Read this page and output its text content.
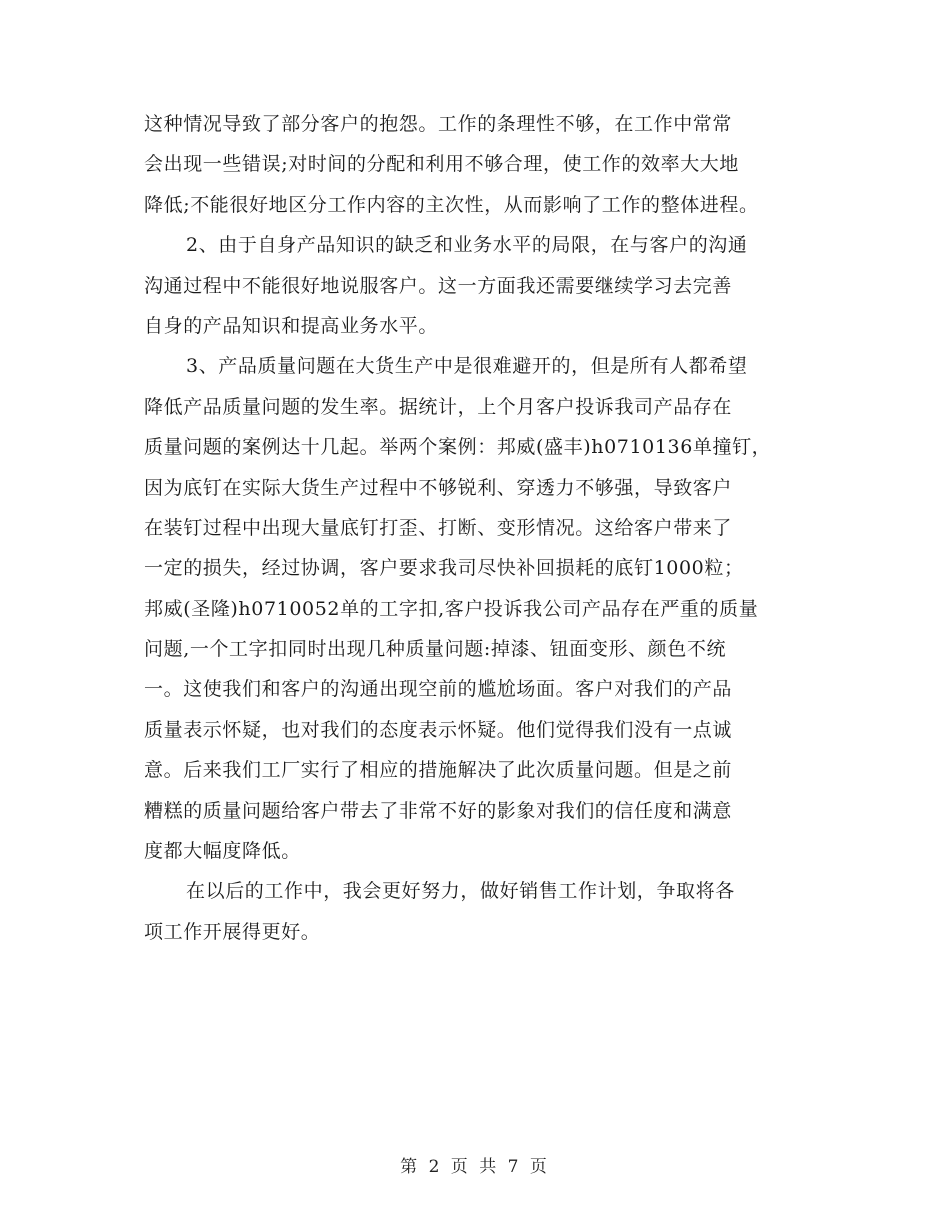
这种情况导致了部分客户的抱怨。工作的条理性不够，在工作中常常
会出现一些错误;对时间的分配和利用不够合理，使工作的效率大大地
降低;不能很好地区分工作内容的主次性，从而影响了工作的整体进程。
2、由于自身产品知识的缺乏和业务水平的局限，在与客户的沟通
沟通过程中不能很好地说服客户。这一方面我还需要继续学习去完善
自身的产品知识和提高业务水平。
3、产品质量问题在大货生产中是很难避开的，但是所有人都希望
降低产品质量问题的发生率。据统计，上个月客户投诉我司产品存在
质量问题的案例达十几起。举两个案例：邦威(盛丰)h0710136单撞钉，
因为底钉在实际大货生产过程中不够锐利、穿透力不够强，导致客户
在装钉过程中出现大量底钉打歪、打断、变形情况。这给客户带来了
一定的损失，经过协调，客户要求我司尽快补回损耗的底钉1000粒；
邦威(圣隆)h0710052单的工字扣,客户投诉我公司产品存在严重的质量
问题,一个工字扣同时出现几种质量问题:掉漆、钮面变形、颜色不统
一。这使我们和客户的沟通出现空前的尴尬场面。客户对我们的产品
质量表示怀疑，也对我们的态度表示怀疑。他们觉得我们没有一点诚
意。后来我们工厂实行了相应的措施解决了此次质量问题。但是之前
糟糕的质量问题给客户带去了非常不好的影象对我们的信任度和满意
度都大幅度降低。
在以后的工作中，我会更好努力，做好销售工作计划，争取将各
项工作开展得更好。
第 2 页 共 7 页
